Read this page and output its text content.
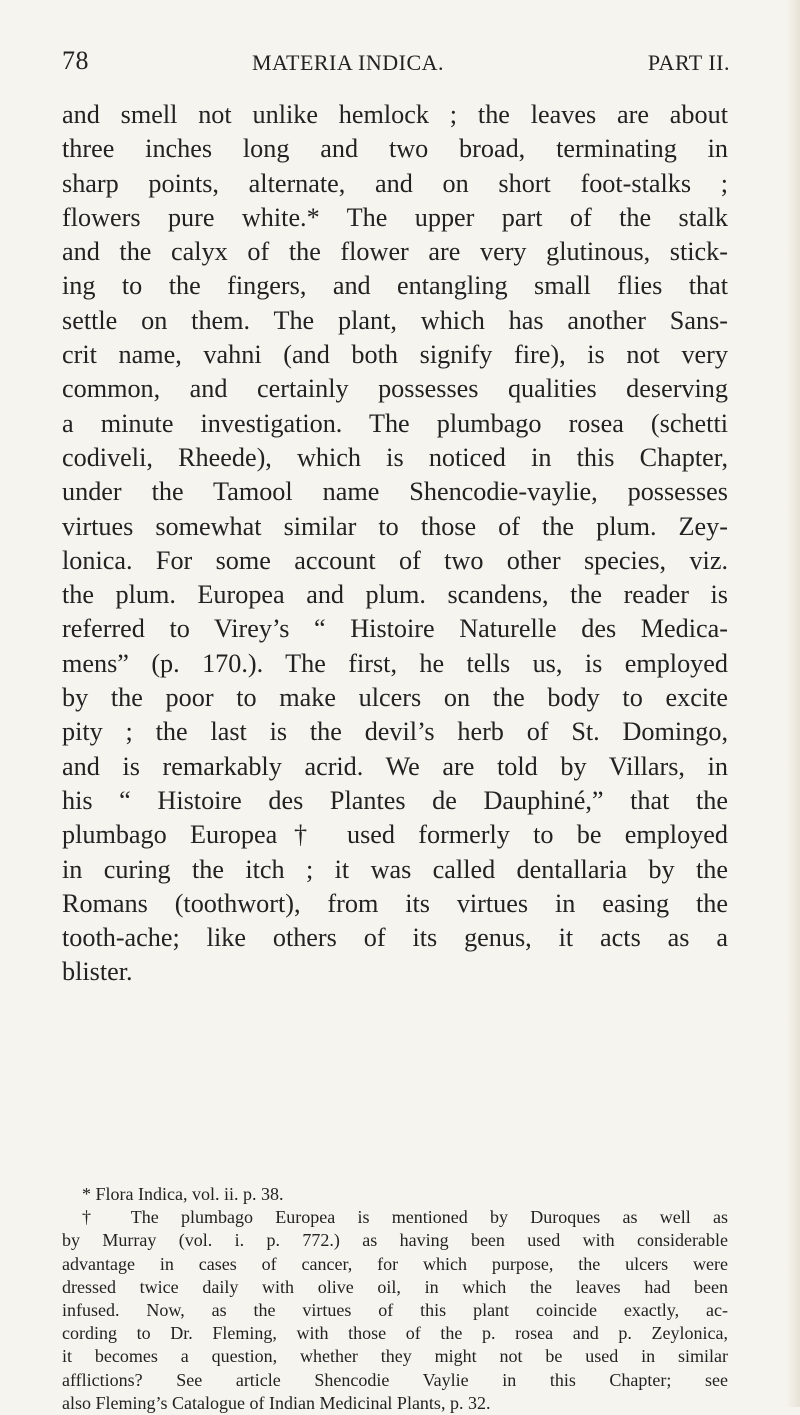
78	MATERIA INDICA.	PART II.
and smell not unlike hemlock ; the leaves are about
three inches long and two broad, terminating in
sharp points, alternate, and on short foot-stalks ;
flowers pure white.* The upper part of the stalk
and the calyx of the flower are very glutinous, stick-
ing to the fingers, and entangling small flies that
settle on them. The plant, which has another Sans-
crit name, vahni (and both signify fire), is not very
common, and certainly possesses qualities deserving
a minute investigation. The plumbago rosea (schetti
codiveli, Rheede), which is noticed in this Chapter,
under the Tamool name Shencodie-vaylie, possesses
virtues somewhat similar to those of the plum. Zey-
lonica. For some account of two other species, viz.
the plum. Europea and plum. scandens, the reader is
referred to Virey’s “ Histoire Naturelle des Medica-
mens” (p. 170.). The first, he tells us, is employed
by the poor to make ulcers on the body to excite
pity ; the last is the devil’s herb of St. Domingo,
and is remarkably acrid. We are told by Villars, in
his “ Histoire des Plantes de Dauphiné,” that the
plumbago Europea† used formerly to be employed
in curing the itch ; it was called dentallaria by the
Romans (toothwort), from its virtues in easing the
tooth-ache; like others of its genus, it acts as a
blister.
* Flora Indica, vol. ii. p. 38.
† The plumbago Europea is mentioned by Duroques as well as
by Murray (vol. i. p. 772.) as having been used with considerable
advantage in cases of cancer, for which purpose, the ulcers were
dressed twice daily with olive oil, in which the leaves had been
infused. Now, as the virtues of this plant coincide exactly, ac-
cording to Dr. Fleming, with those of the p. rosea and p. Zeylonica,
it becomes a question, whether they might not be used in similar
afflictions? See article Shencodie Vaylie in this Chapter; see
also Fleming’s Catalogue of Indian Medicinal Plants, p. 32.
